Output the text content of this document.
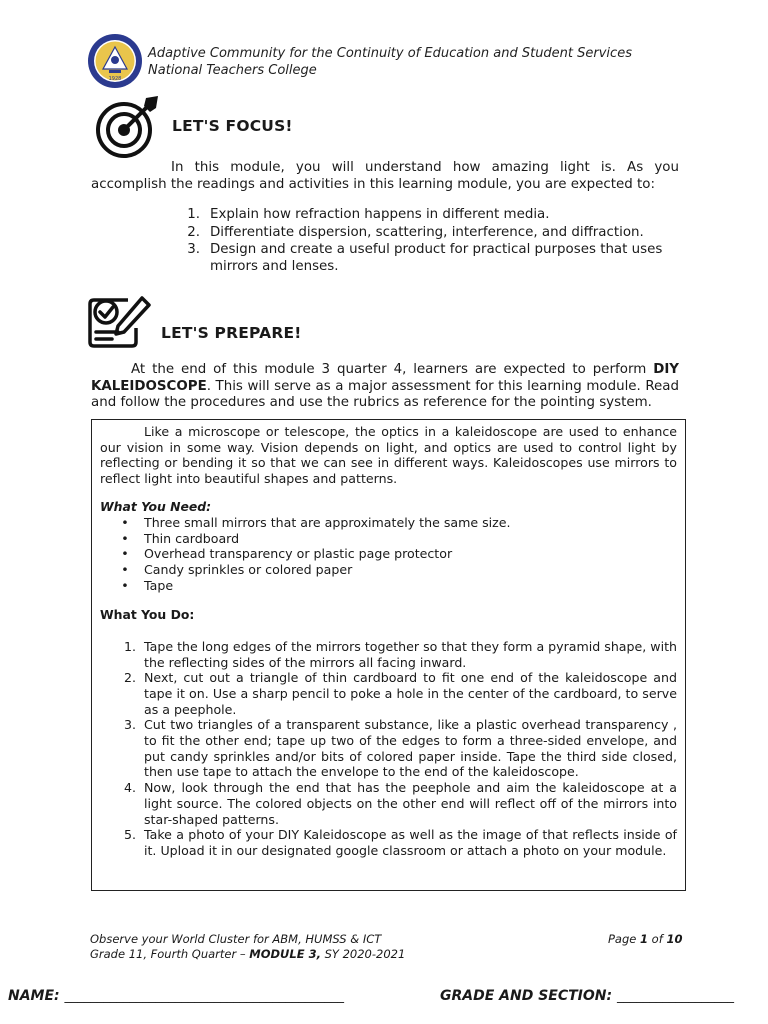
1928
Adaptive Community for the Continuity of Education and Student Services
National Teachers College
LET'S FOCUS!
In this module, you will understand how amazing light is. As you accomplish the readings and activities in this learning module, you are expected to:
1. Explain how refraction happens in different media.
2. Differentiate dispersion, scattering, interference, and diffraction.
3. Design and create a useful product for practical purposes that uses mirrors and lenses.
LET'S PREPARE!
At the end of this module 3 quarter 4, learners are expected to perform DIY KALEIDOSCOPE. This will serve as a major assessment for this learning module. Read and follow the procedures and use the rubrics as reference for the pointing system.

Like a microscope or telescope, the optics in a kaleidoscope are used to enhance our vision in some way. Vision depends on light, and optics are used to control light by reflecting or bending it so that we can see in different ways. Kaleidoscopes use mirrors to reflect light into beautiful shapes and patterns.

What You Need:

•	Three small mirrors that are approximately the same size.
•	Thin cardboard
•	Overhead transparency or plastic page protector
•	Candy sprinkles or colored paper
•	Tape

What You Do:

1. Tape the long edges of the mirrors together so that they form a pyramid shape, with the reflecting sides of the mirrors all facing inward.
2. Next, cut out a triangle of thin cardboard to fit one end of the kaleidoscope and tape it on. Use a sharp pencil to poke a hole in the center of the cardboard, to serve as a peephole.
3. Cut two triangles of a transparent substance, like a plastic overhead transparency , to fit the other end; tape up two of the edges to form a three-sided envelope, and put candy sprinkles and/or bits of colored paper inside. Tape the third side closed, then use tape to attach the envelope to the end of the kaleidoscope.
4. Now, look through the end that has the peephole and aim the kaleidoscope at a light source. The colored objects on the other end will reflect off of the mirrors into star-shaped patterns.
5. Take a photo of your DIY Kaleidoscope as well as the image of that reflects inside of it. Upload it in our designated google classroom or attach a photo on your module.
Observe your World Cluster for ABM, HUMSS & ICT
Grade 11, Fourth Quarter – MODULE 3, SY 2020-2021
Page 1 of 10
NAME: ___________________________________________	GRADE AND SECTION: __________________
